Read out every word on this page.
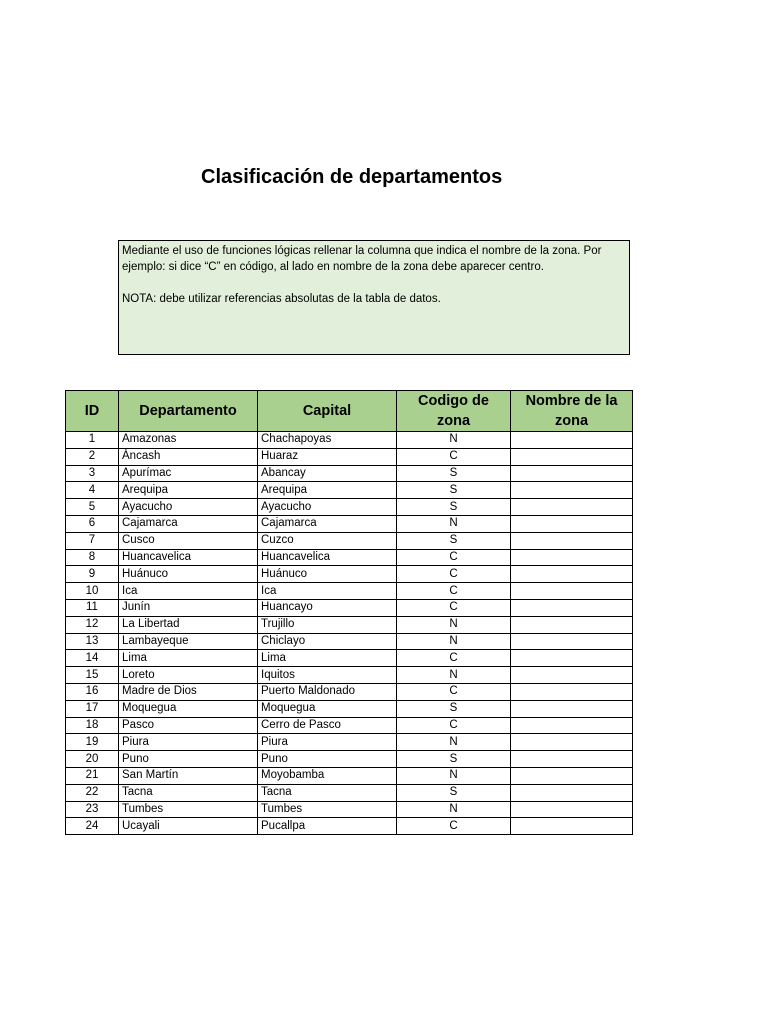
Clasificación de departamentos

Mediante el uso de funciones lógicas rellenar la columna que indica el nombre de la zona. Por ejemplo: si dice “C” en código, al lado en nombre de la zona debe aparecer centro.

NOTA: debe utilizar referencias absolutas de la tabla de datos.

ID	Departamento	Capital	Codigo de zona	Nombre de la zona
1	Amazonas	Chachapoyas	N	
2	Áncash	Huaraz	C	
3	Apurímac	Abancay	S	
4	Arequipa	Arequipa	S	
5	Ayacucho	Ayacucho	S	
6	Cajamarca	Cajamarca	N	
7	Cusco	Cuzco	S	
8	Huancavelica	Huancavelica	C	
9	Huánuco	Huánuco	C	
10	Ica	Ica	C	
11	Junín	Huancayo	C	
12	La Libertad	Trujillo	N	
13	Lambayeque	Chiclayo	N	
14	Lima	Lima	C	
15	Loreto	Iquitos	N	
16	Madre de Dios	Puerto Maldonado	C	
17	Moquegua	Moquegua	S	
18	Pasco	Cerro de Pasco	C	
19	Piura	Piura	N	
20	Puno	Puno	S	
21	San Martín	Moyobamba	N	
22	Tacna	Tacna	S	
23	Tumbes	Tumbes	N	
24	Ucayali	Pucallpa	C	
